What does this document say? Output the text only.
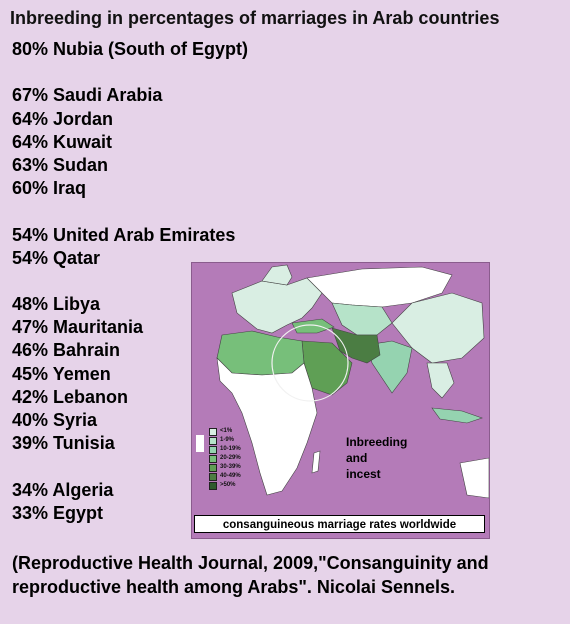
Inbreeding in percentages of marriages in Arab countries
80% Nubia (South of Egypt)
67% Saudi Arabia
64% Jordan
64% Kuwait
63% Sudan
60% Iraq
54% United Arab Emirates
54% Qatar
48% Libya
47% Mauritania
46% Bahrain
45% Yemen
42% Lebanon
40% Syria
39% Tunisia
34% Algeria
33% Egypt
<1%
1-9%
10-19%
20-29%
30-39%
40-49%
>50%
Inbreeding
and
incest
consanguineous marriage rates worldwide
(Reproductive Health Journal, 2009,"Consanguinity and reproductive health among Arabs". Nicolai Sennels.
